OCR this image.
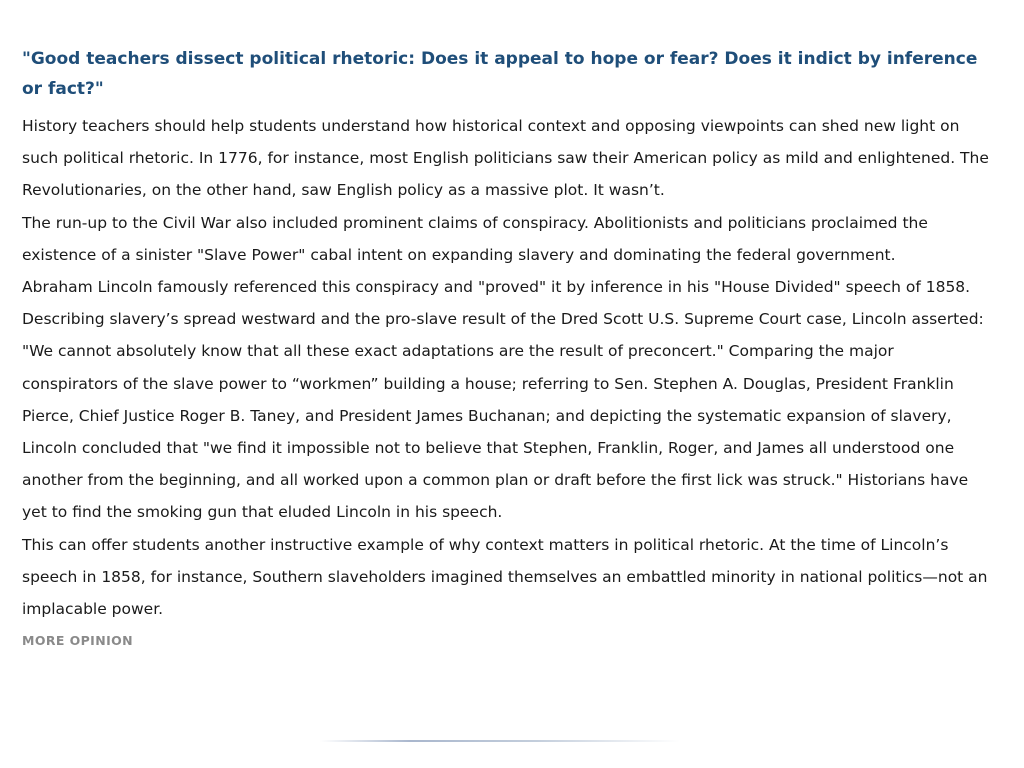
"Good teachers dissect political rhetoric: Does it appeal to hope or fear? Does it indict by inference or fact?"

History teachers should help students understand how historical context and opposing viewpoints can shed new light on such political rhetoric. In 1776, for instance, most English politicians saw their American policy as mild and enlightened. The Revolutionaries, on the other hand, saw English policy as a massive plot. It wasn’t.

The run-up to the Civil War also included prominent claims of conspiracy. Abolitionists and politicians proclaimed the existence of a sinister "Slave Power" cabal intent on expanding slavery and dominating the federal government.

Abraham Lincoln famously referenced this conspiracy and "proved" it by inference in his "House Divided" speech of 1858. Describing slavery’s spread westward and the pro-slave result of the Dred Scott U.S. Supreme Court case, Lincoln asserted: "We cannot absolutely know that all these exact adaptations are the result of preconcert." Comparing the major conspirators of the slave power to “workmen” building a house; referring to Sen. Stephen A. Douglas, President Franklin Pierce, Chief Justice Roger B. Taney, and President James Buchanan; and depicting the systematic expansion of slavery, Lincoln concluded that "we find it impossible not to believe that Stephen, Franklin, Roger, and James all understood one another from the beginning, and all worked upon a common plan or draft before the first lick was struck." Historians have yet to find the smoking gun that eluded Lincoln in his speech.

This can offer students another instructive example of why context matters in political rhetoric. At the time of Lincoln’s speech in 1858, for instance, Southern slaveholders imagined themselves an embattled minority in national politics—not an implacable power.

MORE OPINION
